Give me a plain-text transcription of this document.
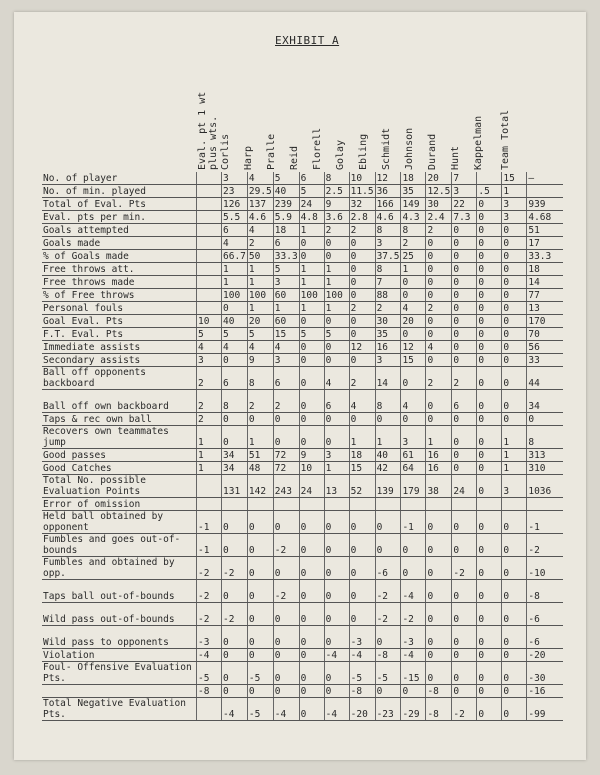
EXHIBIT A
Eval. pt 1 wt
plus wts.
Corlis Harp Pralle Reid Florell Golay Ebling Schmidt Johnson Durand Hunt Kappelman Team Total
No. of player		3	4	5	6	8	10	12	18	20	7		15	—
No. of min. played		23	29.5	40	5	2.5	11.5	36	35	12.5	3	.5	1	
Total of Eval. Pts		126	137	239	24	9	32	166	149	30	22	0	3	939
Eval. pts per min.		5.5	4.6	5.9	4.8	3.6	2.8	4.6	4.3	2.4	7.3	0	3	4.68
Goals attempted		6	4	18	1	2	2	8	8	2	0	0	0	51
Goals made		4	2	6	0	0	0	3	2	0	0	0	0	17
% of Goals made		66.7	50	33.3	0	0	0	37.5	25	0	0	0	0	33.3
Free throws att.		1	1	5	1	1	0	8	1	0	0	0	0	18
Free throws made		1	1	3	1	1	0	7	0	0	0	0	0	14
% of Free throws		100	100	60	100	100	0	88	0	0	0	0	0	77
Personal fouls		0	1	1	1	1	2	2	4	2	0	0	0	13
Goal Eval. Pts	10	40	20	60	0	0	0	30	20	0	0	0	0	170
F.T. Eval. Pts	5	5	5	15	5	5	0	35	0	0	0	0	0	70
Immediate assists	4	4	4	4	0	0	12	16	12	4	0	0	0	56
Secondary assists	3	0	9	3	0	0	0	3	15	0	0	0	0	33
Ball off opponents backboard	2	6	8	6	0	4	2	14	0	2	2	0	0	44
Ball off own backboard	2	8	2	2	0	6	4	8	4	0	6	0	0	34
Taps & rec own ball	2	0	0	0	0	0	0	0	0	0	0	0	0	0
Recovers own teammates jump	1	0	1	0	0	0	1	1	3	1	0	0	1	8
Good passes	1	34	51	72	9	3	18	40	61	16	0	0	1	313
Good Catches	1	34	48	72	10	1	15	42	64	16	0	0	1	310
Total No. possible Evaluation Points		131	142	243	24	13	52	139	179	38	24	0	3	1036
Error of omission														
Held ball obtained by opponent	-1	0	0	0	0	0	0	0	-1	0	0	0	0	-1
Fumbles and goes out-of-bounds	-1	0	0	-2	0	0	0	0	0	0	0	0	0	-2
Fumbles and obtained by opp.	-2	-2	0	0	0	0	0	-6	0	0	-2	0	0	-10
Taps ball out-of-bounds	-2	0	0	-2	0	0	0	-2	-4	0	0	0	0	-8
Wild pass out-of-bounds	-2	-2	0	0	0	0	0	-2	-2	0	0	0	0	-6
Wild pass to opponents	-3	0	0	0	0	0	-3	0	-3	0	0	0	0	-6
Violation	-4	0	0	0	0	-4	-4	-8	-4	0	0	0	0	-20
Foul- Offensive Evaluation Pts.	-5	0	-5	0	0	0	-5	-5	-15	0	0	0	0	-30
	-8	0	0	0	0	0	-8	0	0	-8	0	0	0	-16
Total Negative Evaluation Pts.		-4	-5	-4	0	-4	-20	-23	-29	-8	-2	0	0	-99
